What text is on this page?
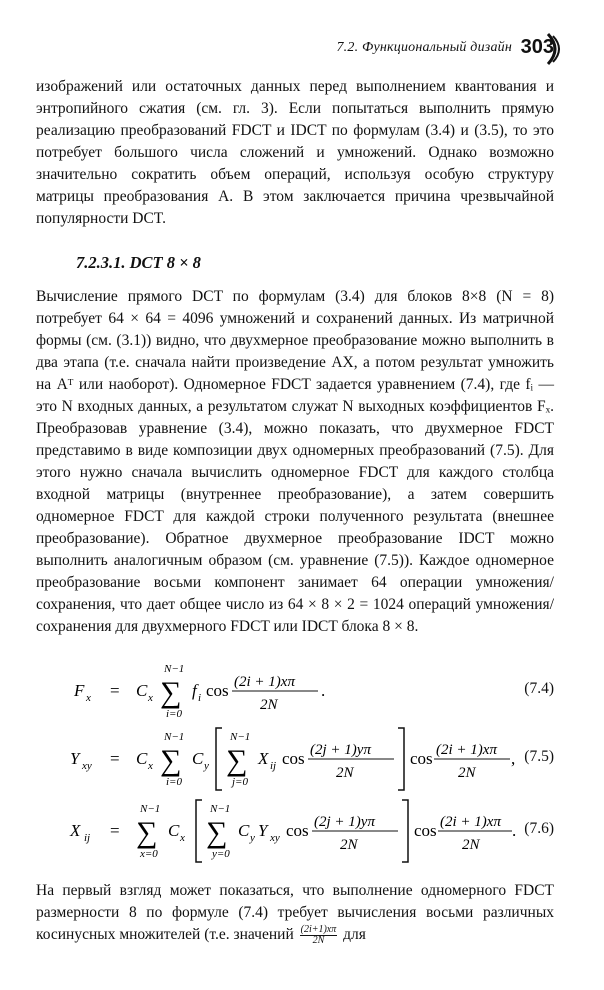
7.2. Функциональный дизайн 303

изображений или остаточных данных перед выполнением квантования и энтропийного сжатия (см. гл. 3). Если попытаться выполнить прямую реализацию преобразований FDCT и IDCT по формулам (3.4) и (3.5), то это потребует большого числа сложений и умножений. Однако возможно значительно сократить объем операций, используя особую структуру матрицы преобразования A. В этом заключается причина чрезвычайной популярности DCT.

7.2.3.1. DCT 8 × 8

Вычисление прямого DCT по формулам (3.4) для блоков 8×8 (N = 8) потребует 64 × 64 = 4096 умножений и сохранений данных. Из матричной формы (см. (3.1)) видно, что двухмерное преобразование можно выполнить в два этапа (т.е. сначала найти произведение AX, а потом результат умножить на Aᵀ или наоборот). Одномерное FDCT задается уравнением (7.4), где fᵢ — это N входных данных, а результатом служат N выходных коэффициентов Fₓ. Преобразовав уравнение (3.4), можно показать, что двухмерное FDCT представимо в виде композиции двух одномерных преобразований (7.5). Для этого нужно сначала вычислить одномерное FDCT для каждого столбца входной матрицы (внутреннее преобразование), а затем совершить одномерное FDCT для каждой строки полученного результата (внешнее преобразование). Обратное двухмерное преобразование IDCT можно выполнить аналогичным образом (см. уравнение (7.5)). Каждое одномерное преобразование восьми компонент занимает 64 операции умножения/сохранения, что дает общее число из 64 × 8 × 2 = 1024 операций умножения/сохранения для двухмерного FDCT или IDCT блока 8 × 8.

F x = C x ∑
N−1
i=0
f i cos (2i + 1)xπ
2N
.	(7.4)
Y xy = C x ∑
N−1
i=0
C y ∑
N−1
j=0
X ij cos (2j + 1)yπ
2N
cos (2i + 1)xπ
2N
, (7.5)
X ij = ∑
N−1
x=0
C x ∑
N−1
y=0
C y Y xy cos (2j + 1)yπ
2N
cos (2i + 1)xπ
2N
. (7.6)

На первый взгляд может показаться, что выполнение одномерного FDCT размерности 8 по формуле (7.4) требует вычисления восьми различных косинусных множителей (т.е. значений $\frac{(2i+1)x\pi}{2N}$ для
